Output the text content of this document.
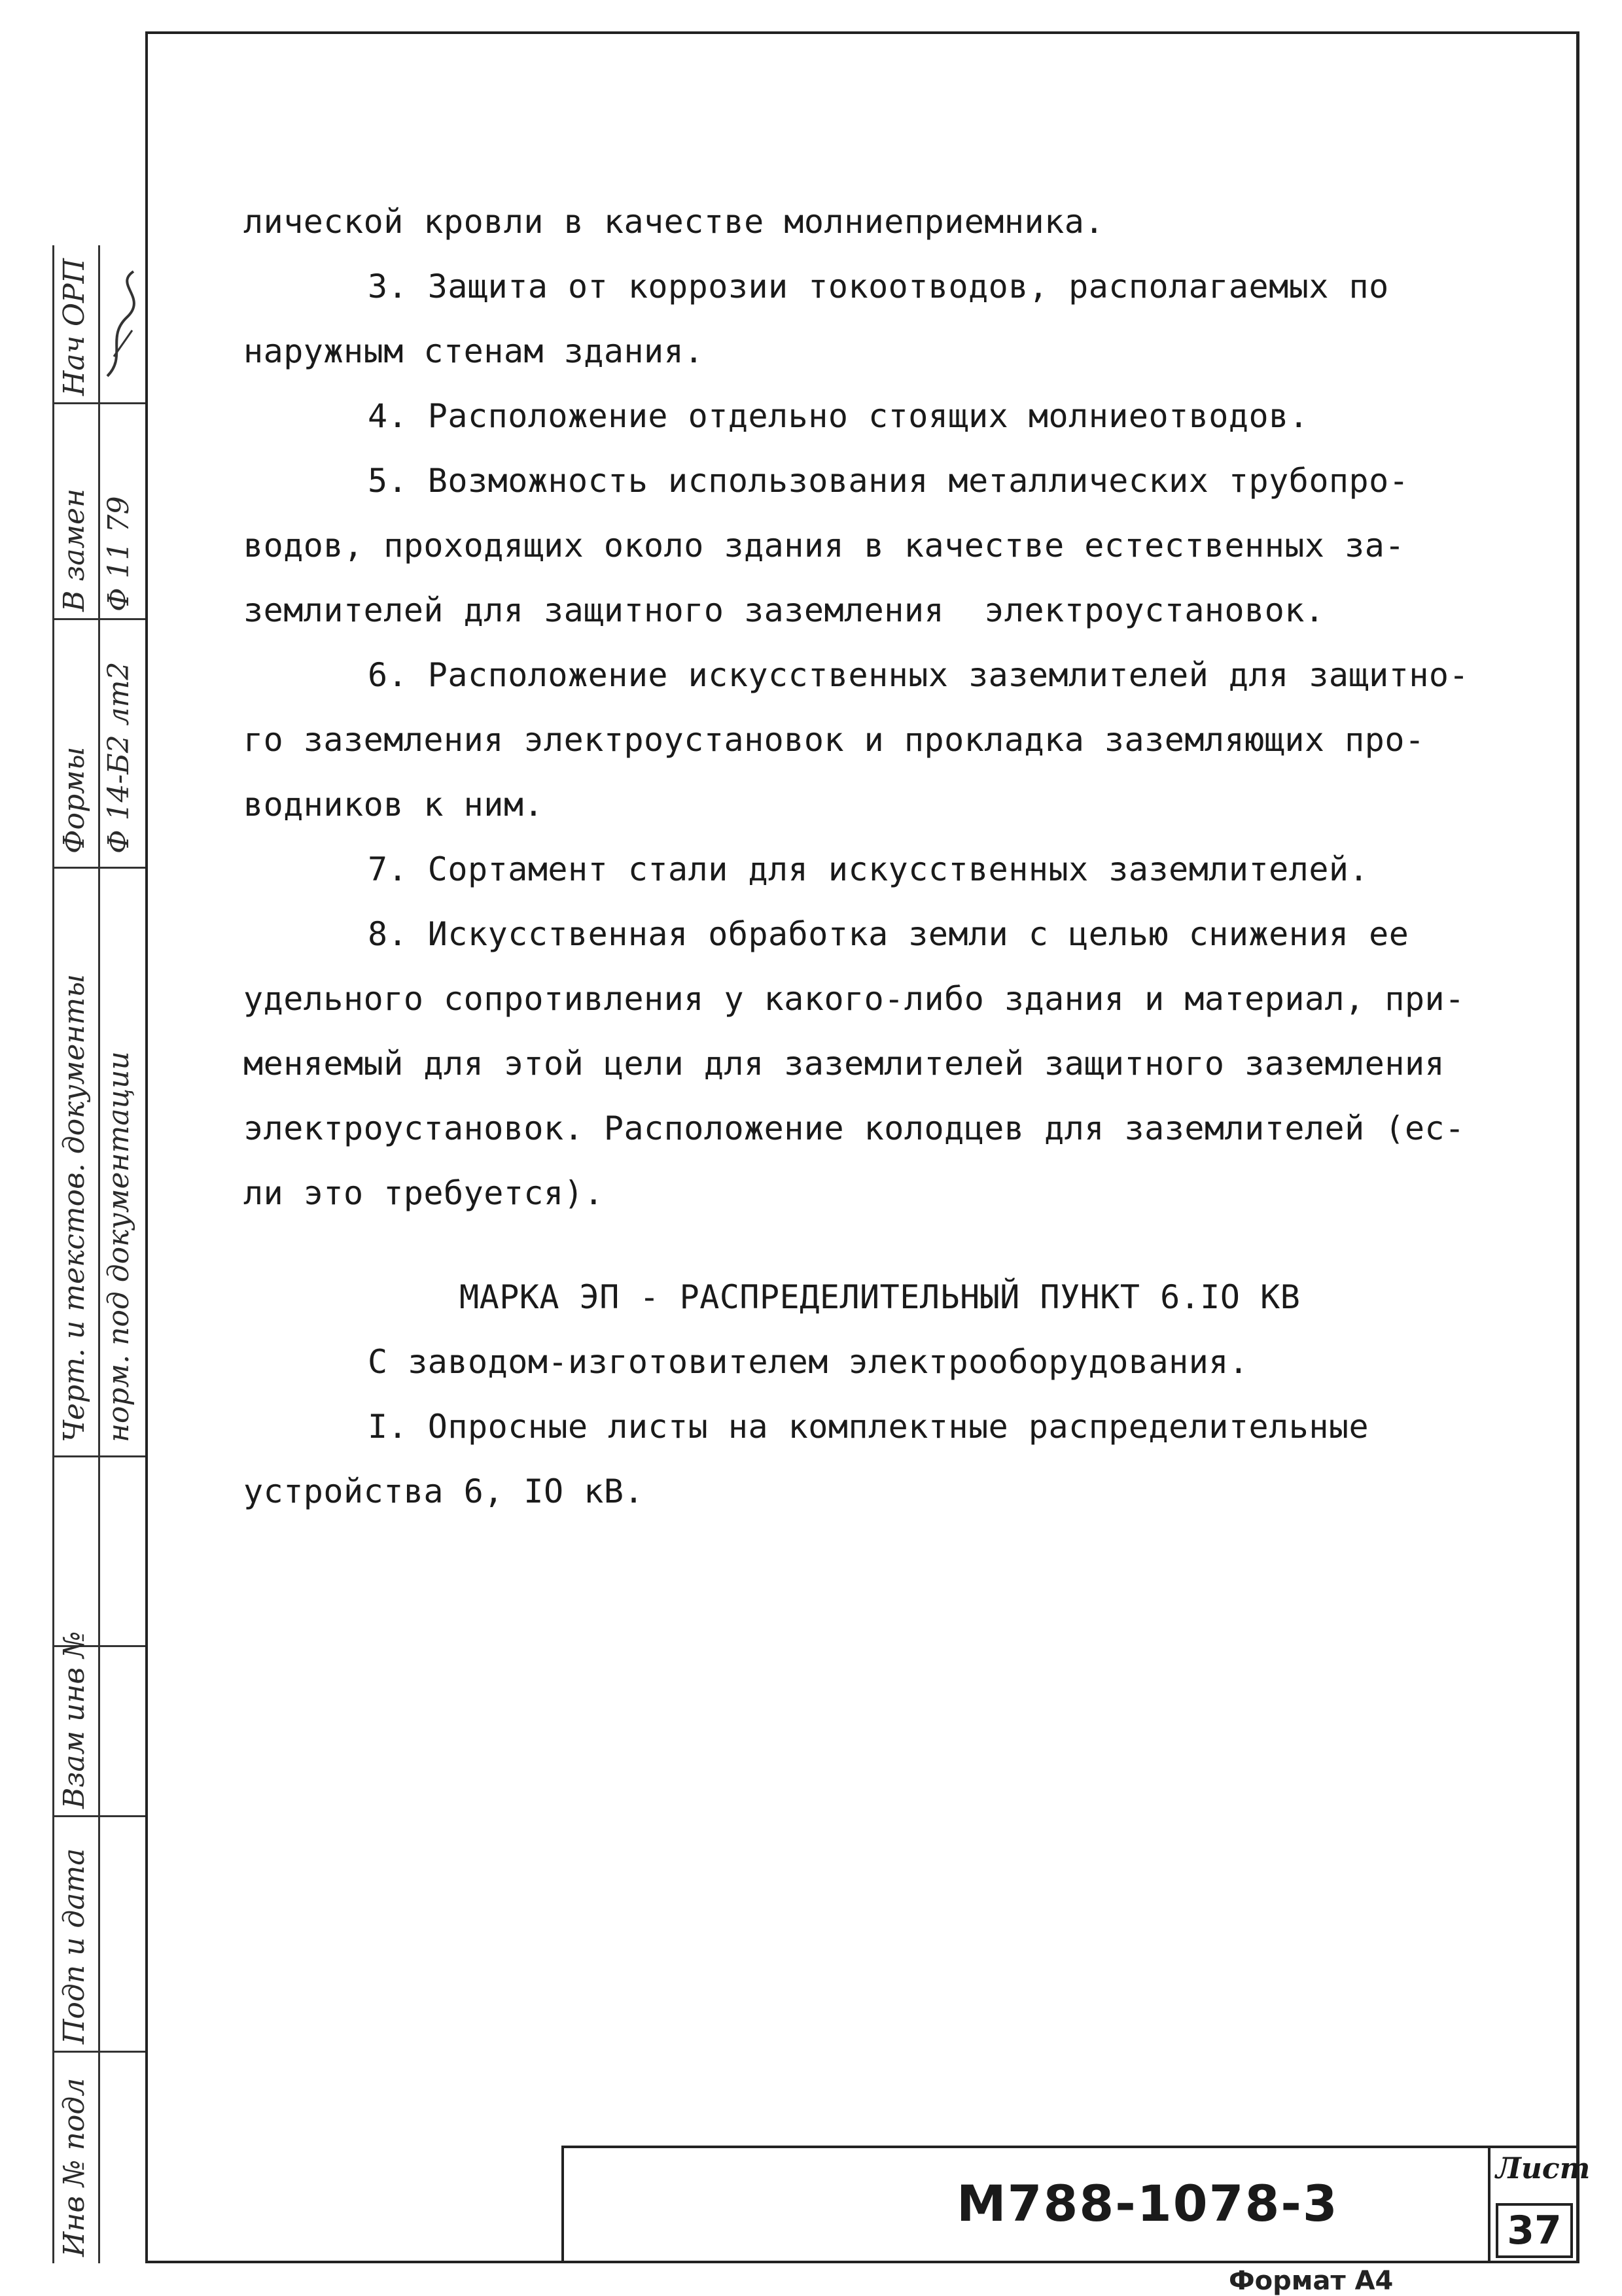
Нач ОРП
В замен Ф 11 79
Формы Ф 14-Б2 лт2
Черт. и текстов. документы норм. под документации
Взам инв №
Подп и дата
Инв № подл

лической кровли в качестве молниеприемника.

3. Защита от коррозии токоотводов, располагаемых по

наружным стенам здания.

4. Расположение отдельно стоящих молниеотводов.

5. Возможность использования металлических трубопро-

водов, проходящих около здания в качестве естественных за-

землителей для защитного заземления  электроустановок.

6. Расположение искусственных заземлителей для защитно-

го заземления электроустановок и прокладка заземляющих про-

водников к ним.

7. Сортамент стали для искусственных заземлителей.

8. Искусственная обработка земли с целью снижения ее

удельного сопротивления у какого-либо здания и материал, при-

меняемый для этой цели для заземлителей защитного заземления

электроустановок. Расположение колодцев для заземлителей (ес-

ли это требуется).

МАРКА ЭП - РАСПРЕДЕЛИТЕЛЬНЫЙ ПУНКТ 6.IO КВ

С заводом-изготовителем электрооборудования.

I. Опросные листы на комплектные распределительные

устройства 6, IO кВ.

М788-1078-3
Лист
37
Формат А4
